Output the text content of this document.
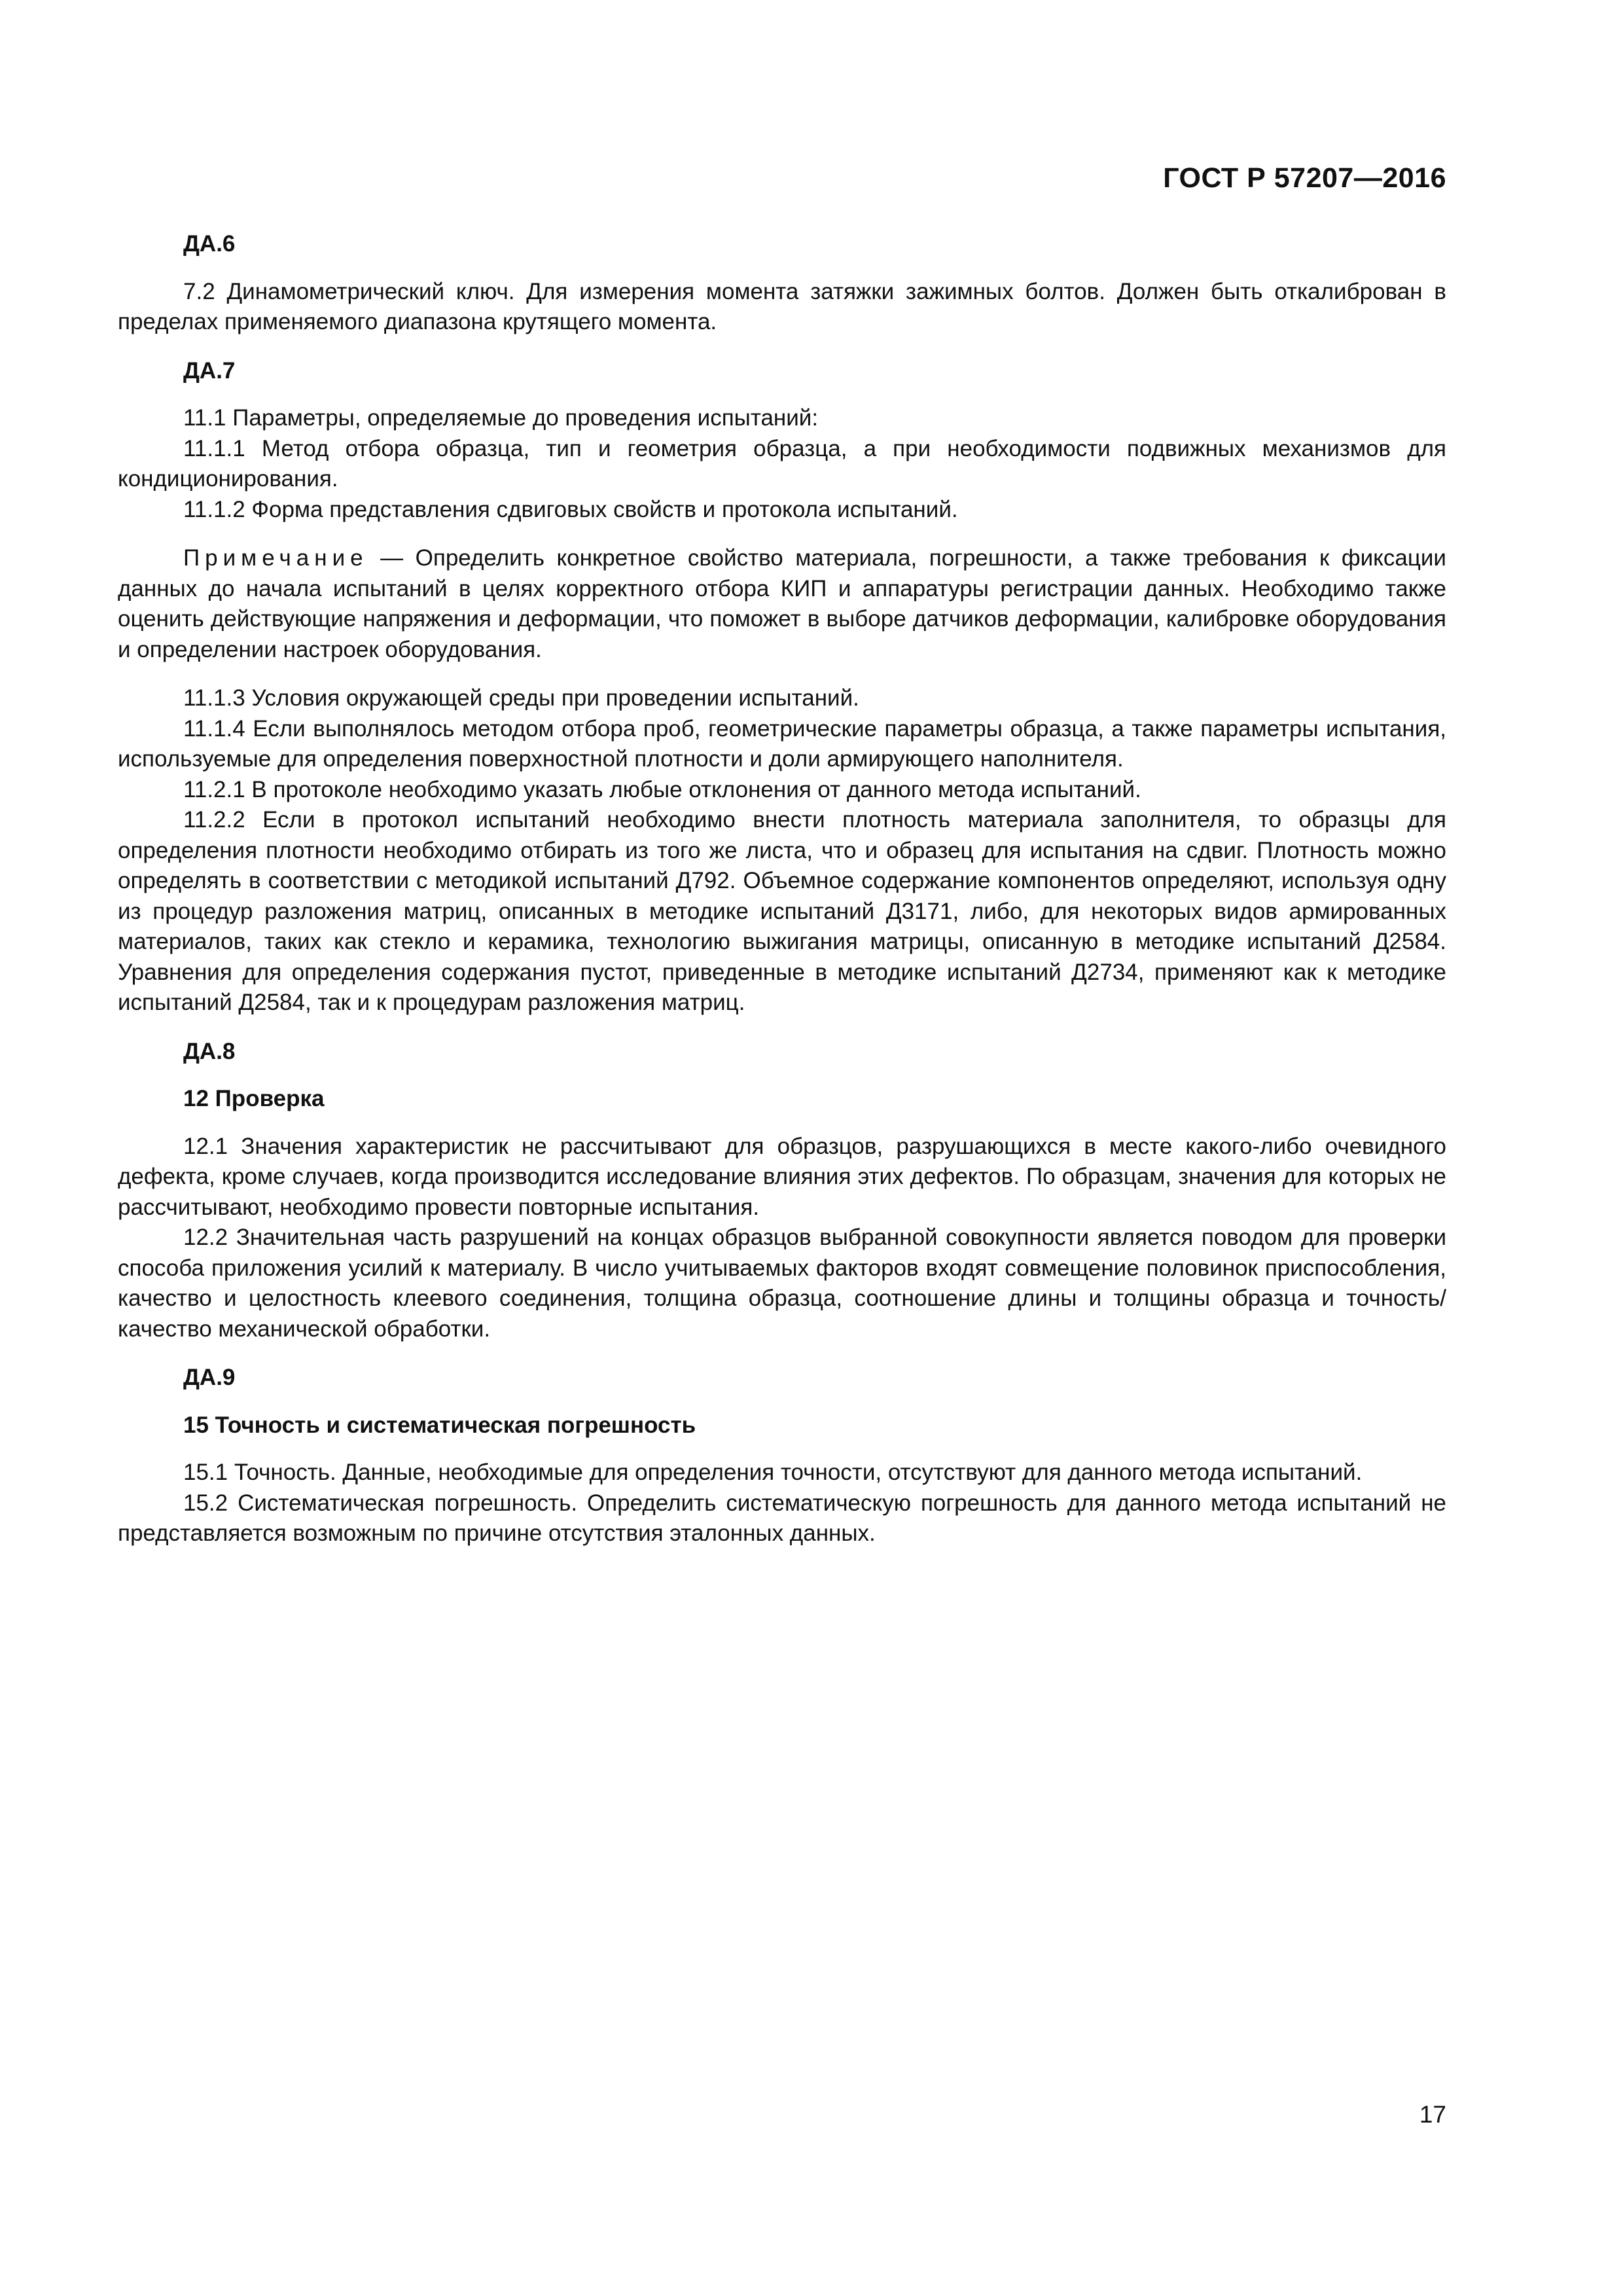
ГОСТ Р 57207—2016
ДА.6

7.2 Динамометрический ключ. Для измерения момента затяжки зажимных болтов. Должен быть откалиброван в пределах применяемого диапазона крутящего момента.

ДА.7

11.1 Параметры, определяемые до проведения испытаний:

11.1.1 Метод отбора образца, тип и геометрия образца, а при необходимости подвижных механизмов для кондиционирования.

11.1.2 Форма представления сдвиговых свойств и протокола испытаний.

Примечание — Определить конкретное свойство материала, погрешности, а также требования к фиксации данных до начала испытаний в целях корректного отбора КИП и аппаратуры регистрации данных. Необходимо также оценить действующие напряжения и деформации, что поможет в выборе датчиков деформации, калибровке оборудования и определении настроек оборудования.

11.1.3 Условия окружающей среды при проведении испытаний.

11.1.4 Если выполнялось методом отбора проб, геометрические параметры образца, а также параметры испытания, используемые для определения поверхностной плотности и доли армирующего наполнителя.

11.2.1 В протоколе необходимо указать любые отклонения от данного метода испытаний.

11.2.2 Если в протокол испытаний необходимо внести плотность материала заполнителя, то образцы для определения плотности необходимо отбирать из того же листа, что и образец для испытания на сдвиг. Плотность можно определять в соответствии с методикой испытаний Д792. Объемное содержание компонентов определяют, используя одну из процедур разложения матриц, описанных в методике испытаний Д3171, либо, для некоторых видов армированных материалов, таких как стекло и керамика, технологию выжигания матрицы, описанную в методике испытаний Д2584. Уравнения для определения содержания пустот, приведенные в методике испытаний Д2734, применяют как к методике испытаний Д2584, так и к процедурам разложения матриц.

ДА.8
12 Проверка

12.1 Значения характеристик не рассчитывают для образцов, разрушающихся в месте какого-либо очевидного дефекта, кроме случаев, когда производится исследование влияния этих дефектов. По образцам, значения для которых не рассчитывают, необходимо провести повторные испытания.

12.2 Значительная часть разрушений на концах образцов выбранной совокупности является поводом для проверки способа приложения усилий к материалу. В число учитываемых факторов входят совмещение половинок приспособления, качество и целостность клеевого соединения, толщина образца, соотношение длины и толщины образца и точность/качество механической обработки.

ДА.9
15 Точность и систематическая погрешность

15.1 Точность. Данные, необходимые для определения точности, отсутствуют для данного метода испытаний.

15.2 Систематическая погрешность. Определить систематическую погрешность для данного метода испытаний не представляется возможным по причине отсутствия эталонных данных.

17
